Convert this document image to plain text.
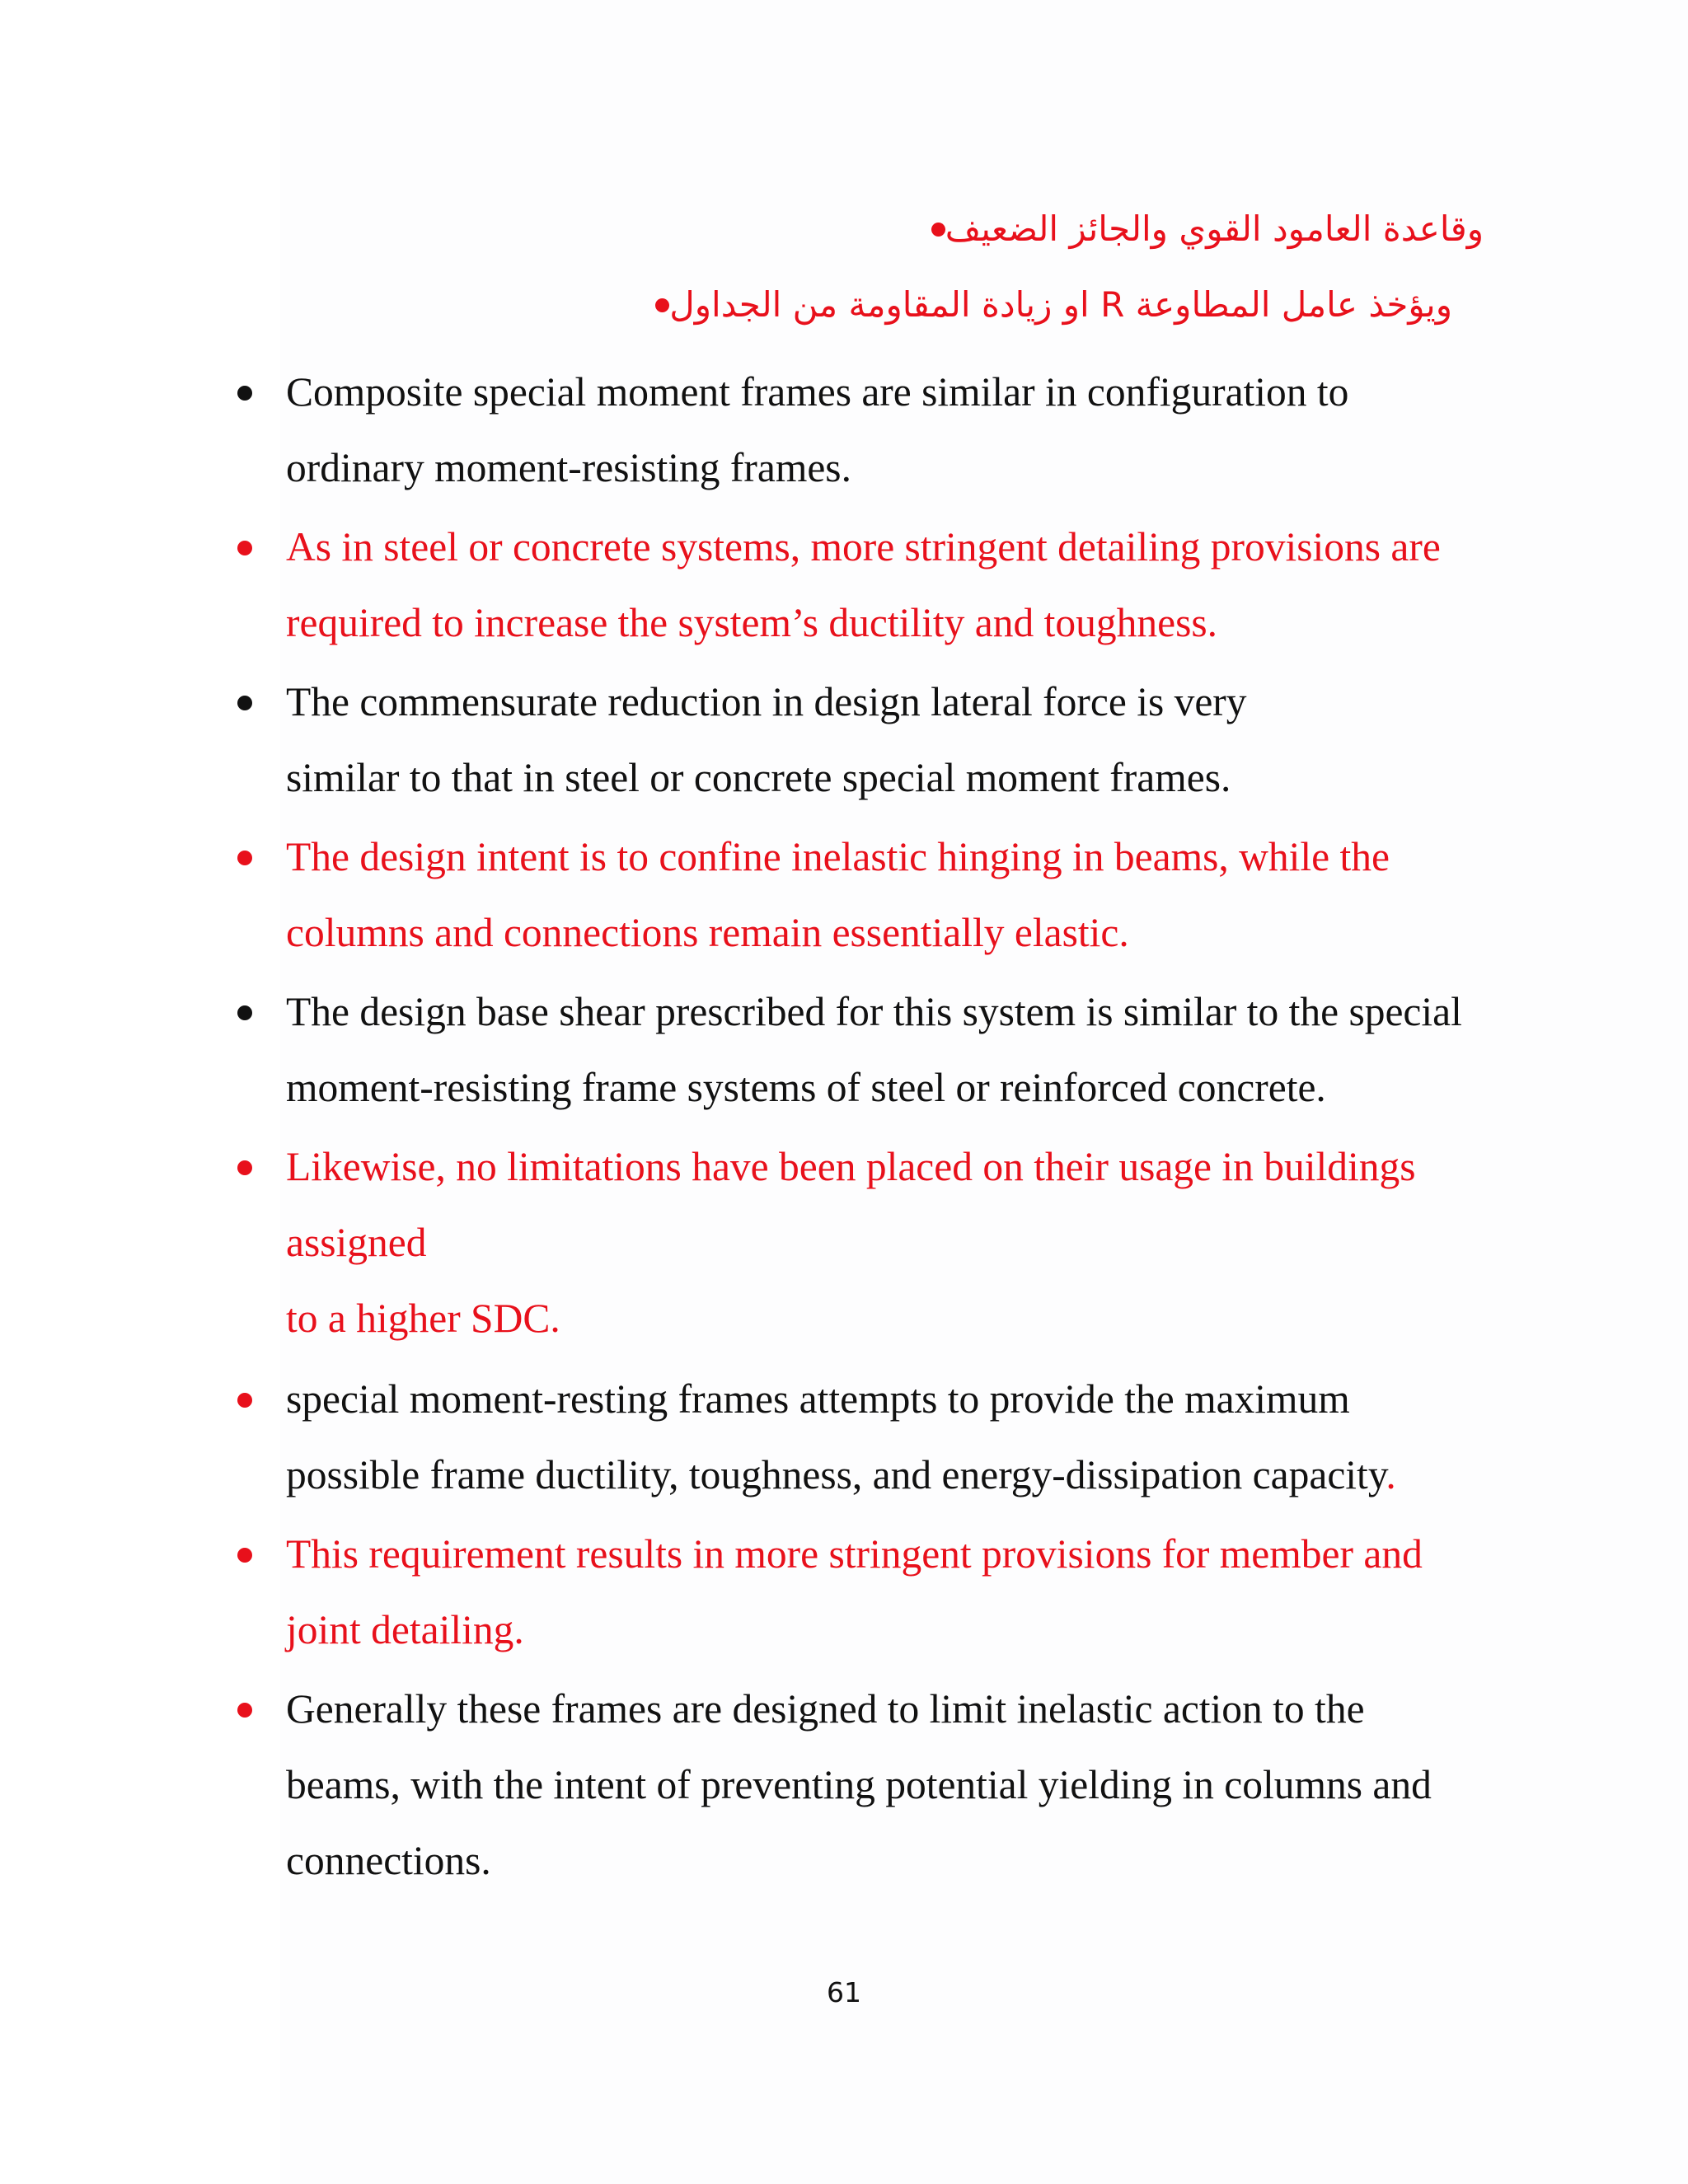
وقاعدة العامود القوي والجائز الضعيف
ويؤخذ عامل المطاوعة R او زيادة المقاومة من الجداول
Composite special moment frames are similar in configuration to
ordinary moment-resisting frames.
As in steel or concrete systems, more stringent detailing provisions are
required to increase the system’s ductility and toughness.
The commensurate reduction in design lateral force is very
similar to that in steel or concrete special moment frames.
The design intent is to confine inelastic hinging in beams, while the
columns and connections remain essentially elastic.
The design base shear prescribed for this system is similar to the special
moment-resisting frame systems of steel or reinforced concrete.
Likewise, no limitations have been placed on their usage in buildings
assigned
to a higher SDC.
special moment-resting frames attempts to provide the maximum
possible frame ductility, toughness, and energy-dissipation capacity.
This requirement results in more stringent provisions for member and
joint detailing.
Generally these frames are designed to limit inelastic action to the
beams, with the intent of preventing potential yielding in columns and
connections.
61
